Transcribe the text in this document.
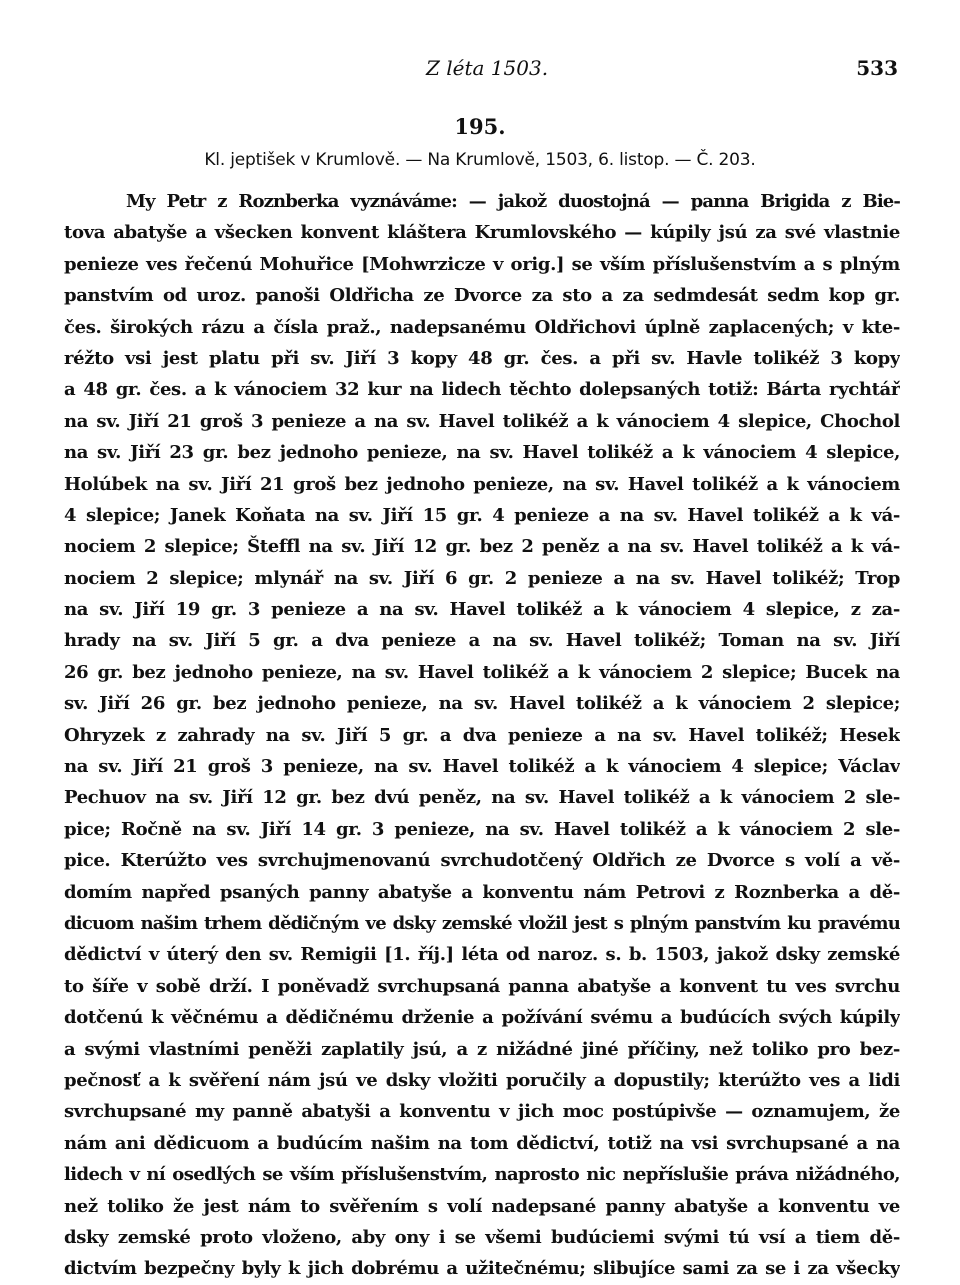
Z léta 1503.	533
195.
Kl. jeptišek v Krumlově. — Na Krumlově, 1503, 6. listop. — Č. 203.
My Petr z Roznberka vyznáváme: — jakož duostojná — panna Brigida z Bie-
tova abatyše a všecken konvent kláštera Krumlovského — kúpily jsú za své vlastnie
penieze ves řečenú Mohuřice [Mohwrzicze v orig.] se vším příslušenstvím a s plným
panstvím od uroz. panoši Oldřicha ze Dvorce za sto a za sedmdesát sedm kop gr.
čes. širokých rázu a čísla praž., nadepsanému Oldřichovi úplně zaplacených; v kte-
réžto vsi jest platu při sv. Jiří 3 kopy 48 gr. čes. a při sv. Havle tolikéž 3 kopy
a 48 gr. čes. a k vánociem 32 kur na lidech těchto dolepsaných totiž: Bárta rychtář
na sv. Jiří 21 groš 3 penieze a na sv. Havel tolikéž a k vánociem 4 slepice, Chochol
na sv. Jiří 23 gr. bez jednoho penieze, na sv. Havel tolikéž a k vánociem 4 slepice,
Holúbek na sv. Jiří 21 groš bez jednoho penieze, na sv. Havel tolikéž a k vánociem
4 slepice; Janek Koňata na sv. Jiří 15 gr. 4 penieze a na sv. Havel tolikéž a k vá-
nociem 2 slepice; Šteffl na sv. Jiří 12 gr. bez 2 peněz a na sv. Havel tolikéž a k vá-
nociem 2 slepice; mlynář na sv. Jiří 6 gr. 2 penieze a na sv. Havel tolikéž; Trop
na sv. Jiří 19 gr. 3 penieze a na sv. Havel tolikéž a k vánociem 4 slepice, z za-
hrady na sv. Jiří 5 gr. a dva penieze a na sv. Havel tolikéž; Toman na sv. Jiří
26 gr. bez jednoho penieze, na sv. Havel tolikéž a k vánociem 2 slepice; Bucek na
sv. Jiří 26 gr. bez jednoho penieze, na sv. Havel tolikéž a k vánociem 2 slepice;
Ohryzek z zahrady na sv. Jiří 5 gr. a dva penieze a na sv. Havel tolikéž; Hesek
na sv. Jiří 21 groš 3 penieze, na sv. Havel tolikéž a k vánociem 4 slepice; Václav
Pechuov na sv. Jiří 12 gr. bez dvú peněz, na sv. Havel tolikéž a k vánociem 2 sle-
pice; Ročně na sv. Jiří 14 gr. 3 penieze, na sv. Havel tolikéž a k vánociem 2 sle-
pice. Kterúžto ves svrchujmenovanú svrchudotčený Oldřich ze Dvorce s volí a vě-
domím napřed psaných panny abatyše a konventu nám Petrovi z Roznberka a dě-
dicuom našim trhem dědičným ve dsky zemské vložil jest s plným panstvím ku pravému
dědictví v úterý den sv. Remigii [1. říj.] léta od naroz. s. b. 1503, jakož dsky zemské
to šíře v sobě drží. I poněvadž svrchupsaná panna abatyše a konvent tu ves svrchu
dotčenú k věčnému a dědičnému drženie a požívání svému a budúcích svých kúpily
a svými vlastními peněži zaplatily jsú, a z nižádné jiné příčiny, než toliko pro bez-
pečnosť a k svěření nám jsú ve dsky vložiti poručily a dopustily; kterúžto ves a lidi
svrchupsané my panně abatyši a konventu v jich moc postúpivše — oznamujem, že
nám ani dědicuom a budúcím našim na tom dědictví, totiž na vsi svrchupsané a na
lidech v ní osedlých se vším příslušenstvím, naprosto nic nepříslušie práva nižádného,
než toliko že jest nám to svěřením s volí nadepsané panny abatyše a konventu ve
dsky zemské proto vloženo, aby ony i se všemi budúciemi svými tú vsí a tiem dě-
dictvím bezpečny byly k jich dobrému a užitečnému; slibujíce sami za se i za všecky
